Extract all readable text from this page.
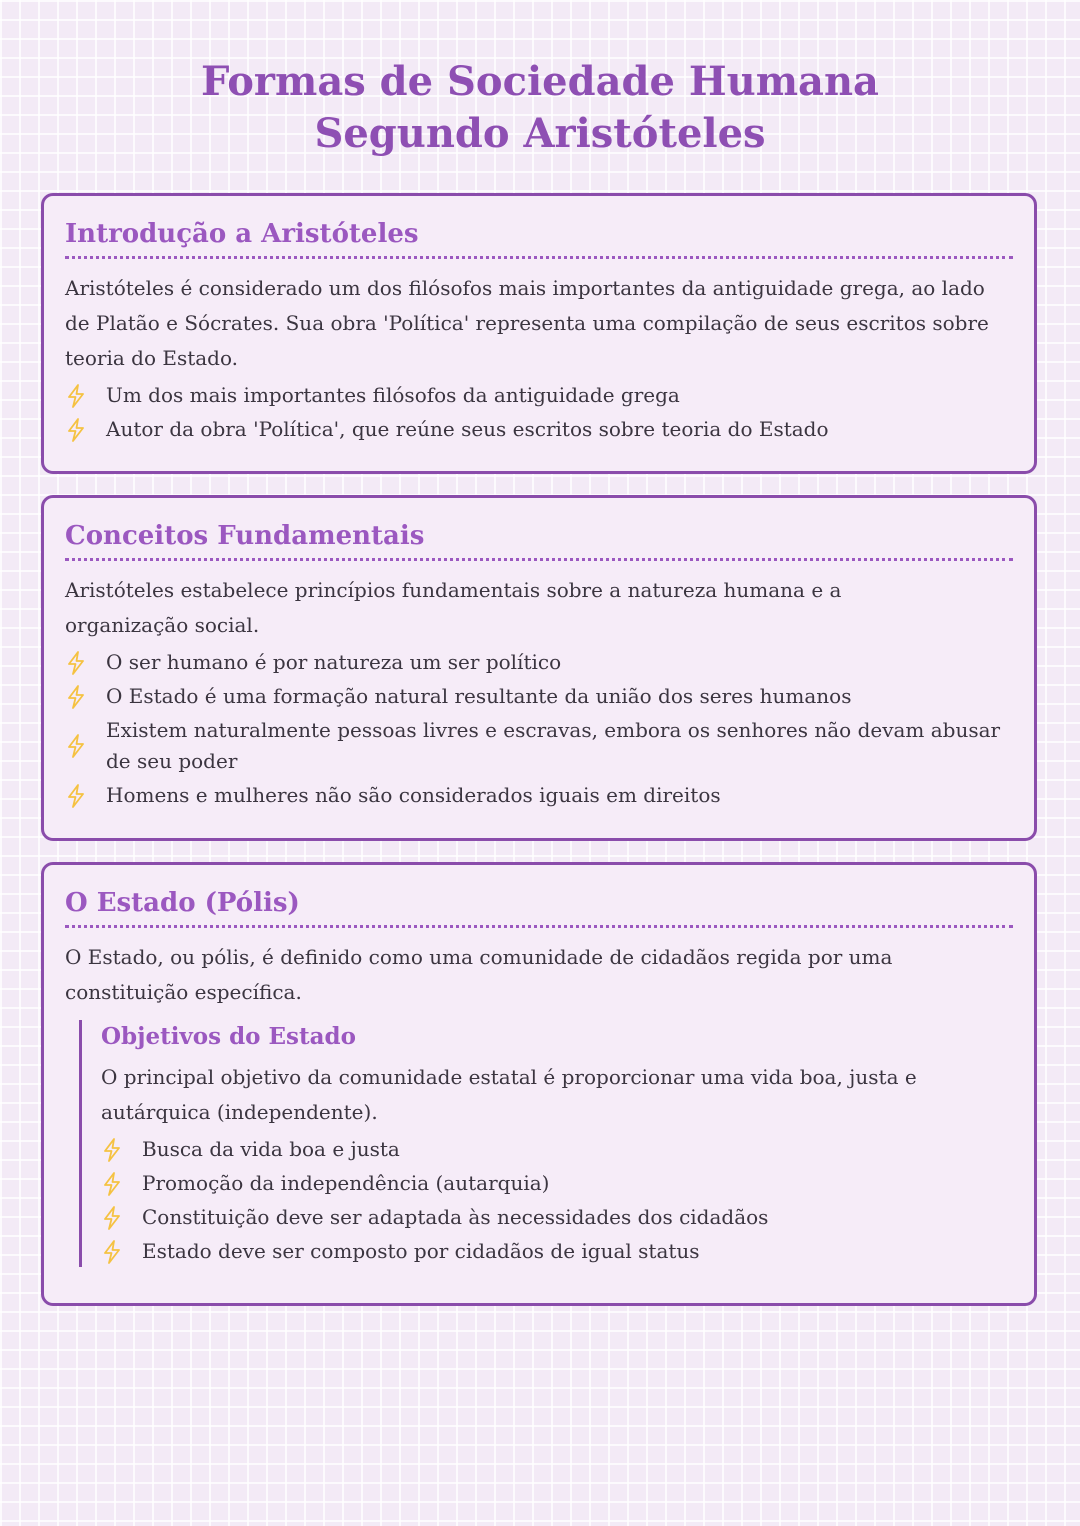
Formas de Sociedade Humana Segundo Aristóteles
Introdução a Aristóteles

Aristóteles é considerado um dos filósofos mais importantes da antiguidade grega, ao lado de Platão e Sócrates. Sua obra 'Política' representa uma compilação de seus escritos sobre teoria do Estado.

Um dos mais importantes filósofos da antiguidade grega
Autor da obra 'Política', que reúne seus escritos sobre teoria do Estado
Conceitos Fundamentais

Aristóteles estabelece princípios fundamentais sobre a natureza humana e a organização social.

O ser humano é por natureza um ser político
O Estado é uma formação natural resultante da união dos seres humanos
Existem naturalmente pessoas livres e escravas, embora os senhores não devam abusar de seu poder
Homens e mulheres não são considerados iguais em direitos
O Estado (Pólis)

O Estado, ou pólis, é definido como uma comunidade de cidadãos regida por uma constituição específica.

Objetivos do Estado

O principal objetivo da comunidade estatal é proporcionar uma vida boa, justa e autárquica (independente).

Busca da vida boa e justa
Promoção da independência (autarquia)
Constituição deve ser adaptada às necessidades dos cidadãos
Estado deve ser composto por cidadãos de igual status
